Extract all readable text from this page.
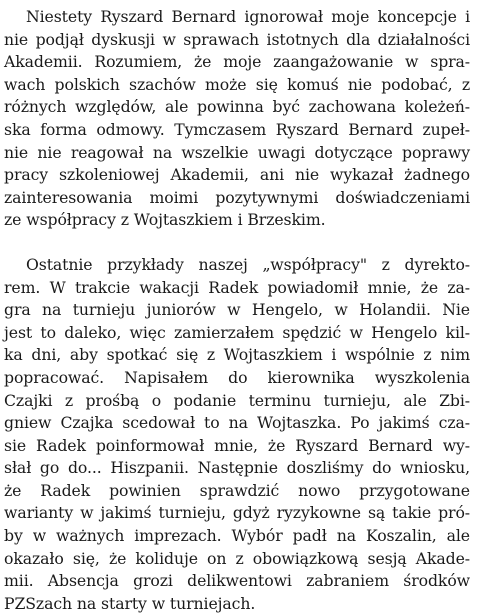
Niestety Ryszard Bernard ignorował moje koncepcje i
nie podjął dyskusji w sprawach istotnych dla działalności
Akademii. Rozumiem, że moje zaangażowanie w spra-
wach polskich szachów może się komuś nie podobać, z
różnych względów, ale powinna być zachowana koleżeń-
ska forma odmowy. Tymczasem Ryszard Bernard zupeł-
nie nie reagował na wszelkie uwagi dotyczące poprawy
pracy szkoleniowej Akademii, ani nie wykazał żadnego
zainteresowania moimi pozytywnymi doświadczeniami
ze współpracy z Wojtaszkiem i Brzeskim.
Ostatnie przykłady naszej „współpracy" z dyrekto-
rem. W trakcie wakacji Radek powiadomił mnie, że za-
gra na turnieju juniorów w Hengelo, w Holandii. Nie
jest to daleko, więc zamierzałem spędzić w Hengelo kil-
ka dni, aby spotkać się z Wojtaszkiem i wspólnie z nim
popracować. Napisałem do kierownika wyszkolenia
Czajki z prośbą o podanie terminu turnieju, ale Zbi-
gniew Czajka scedował to na Wojtaszka. Po jakimś cza-
sie Radek poinformował mnie, że Ryszard Bernard wy-
słał go do... Hiszpanii. Następnie doszliśmy do wniosku,
że Radek powinien sprawdzić nowo przygotowane
warianty w jakimś turnieju, gdyż ryzykowne są takie pró-
by w ważnych imprezach. Wybór padł na Koszalin, ale
okazało się, że koliduje on z obowiązkową sesją Akade-
mii. Absencja grozi delikwentowi zabraniem środków
PZSzach na starty w turniejach.
